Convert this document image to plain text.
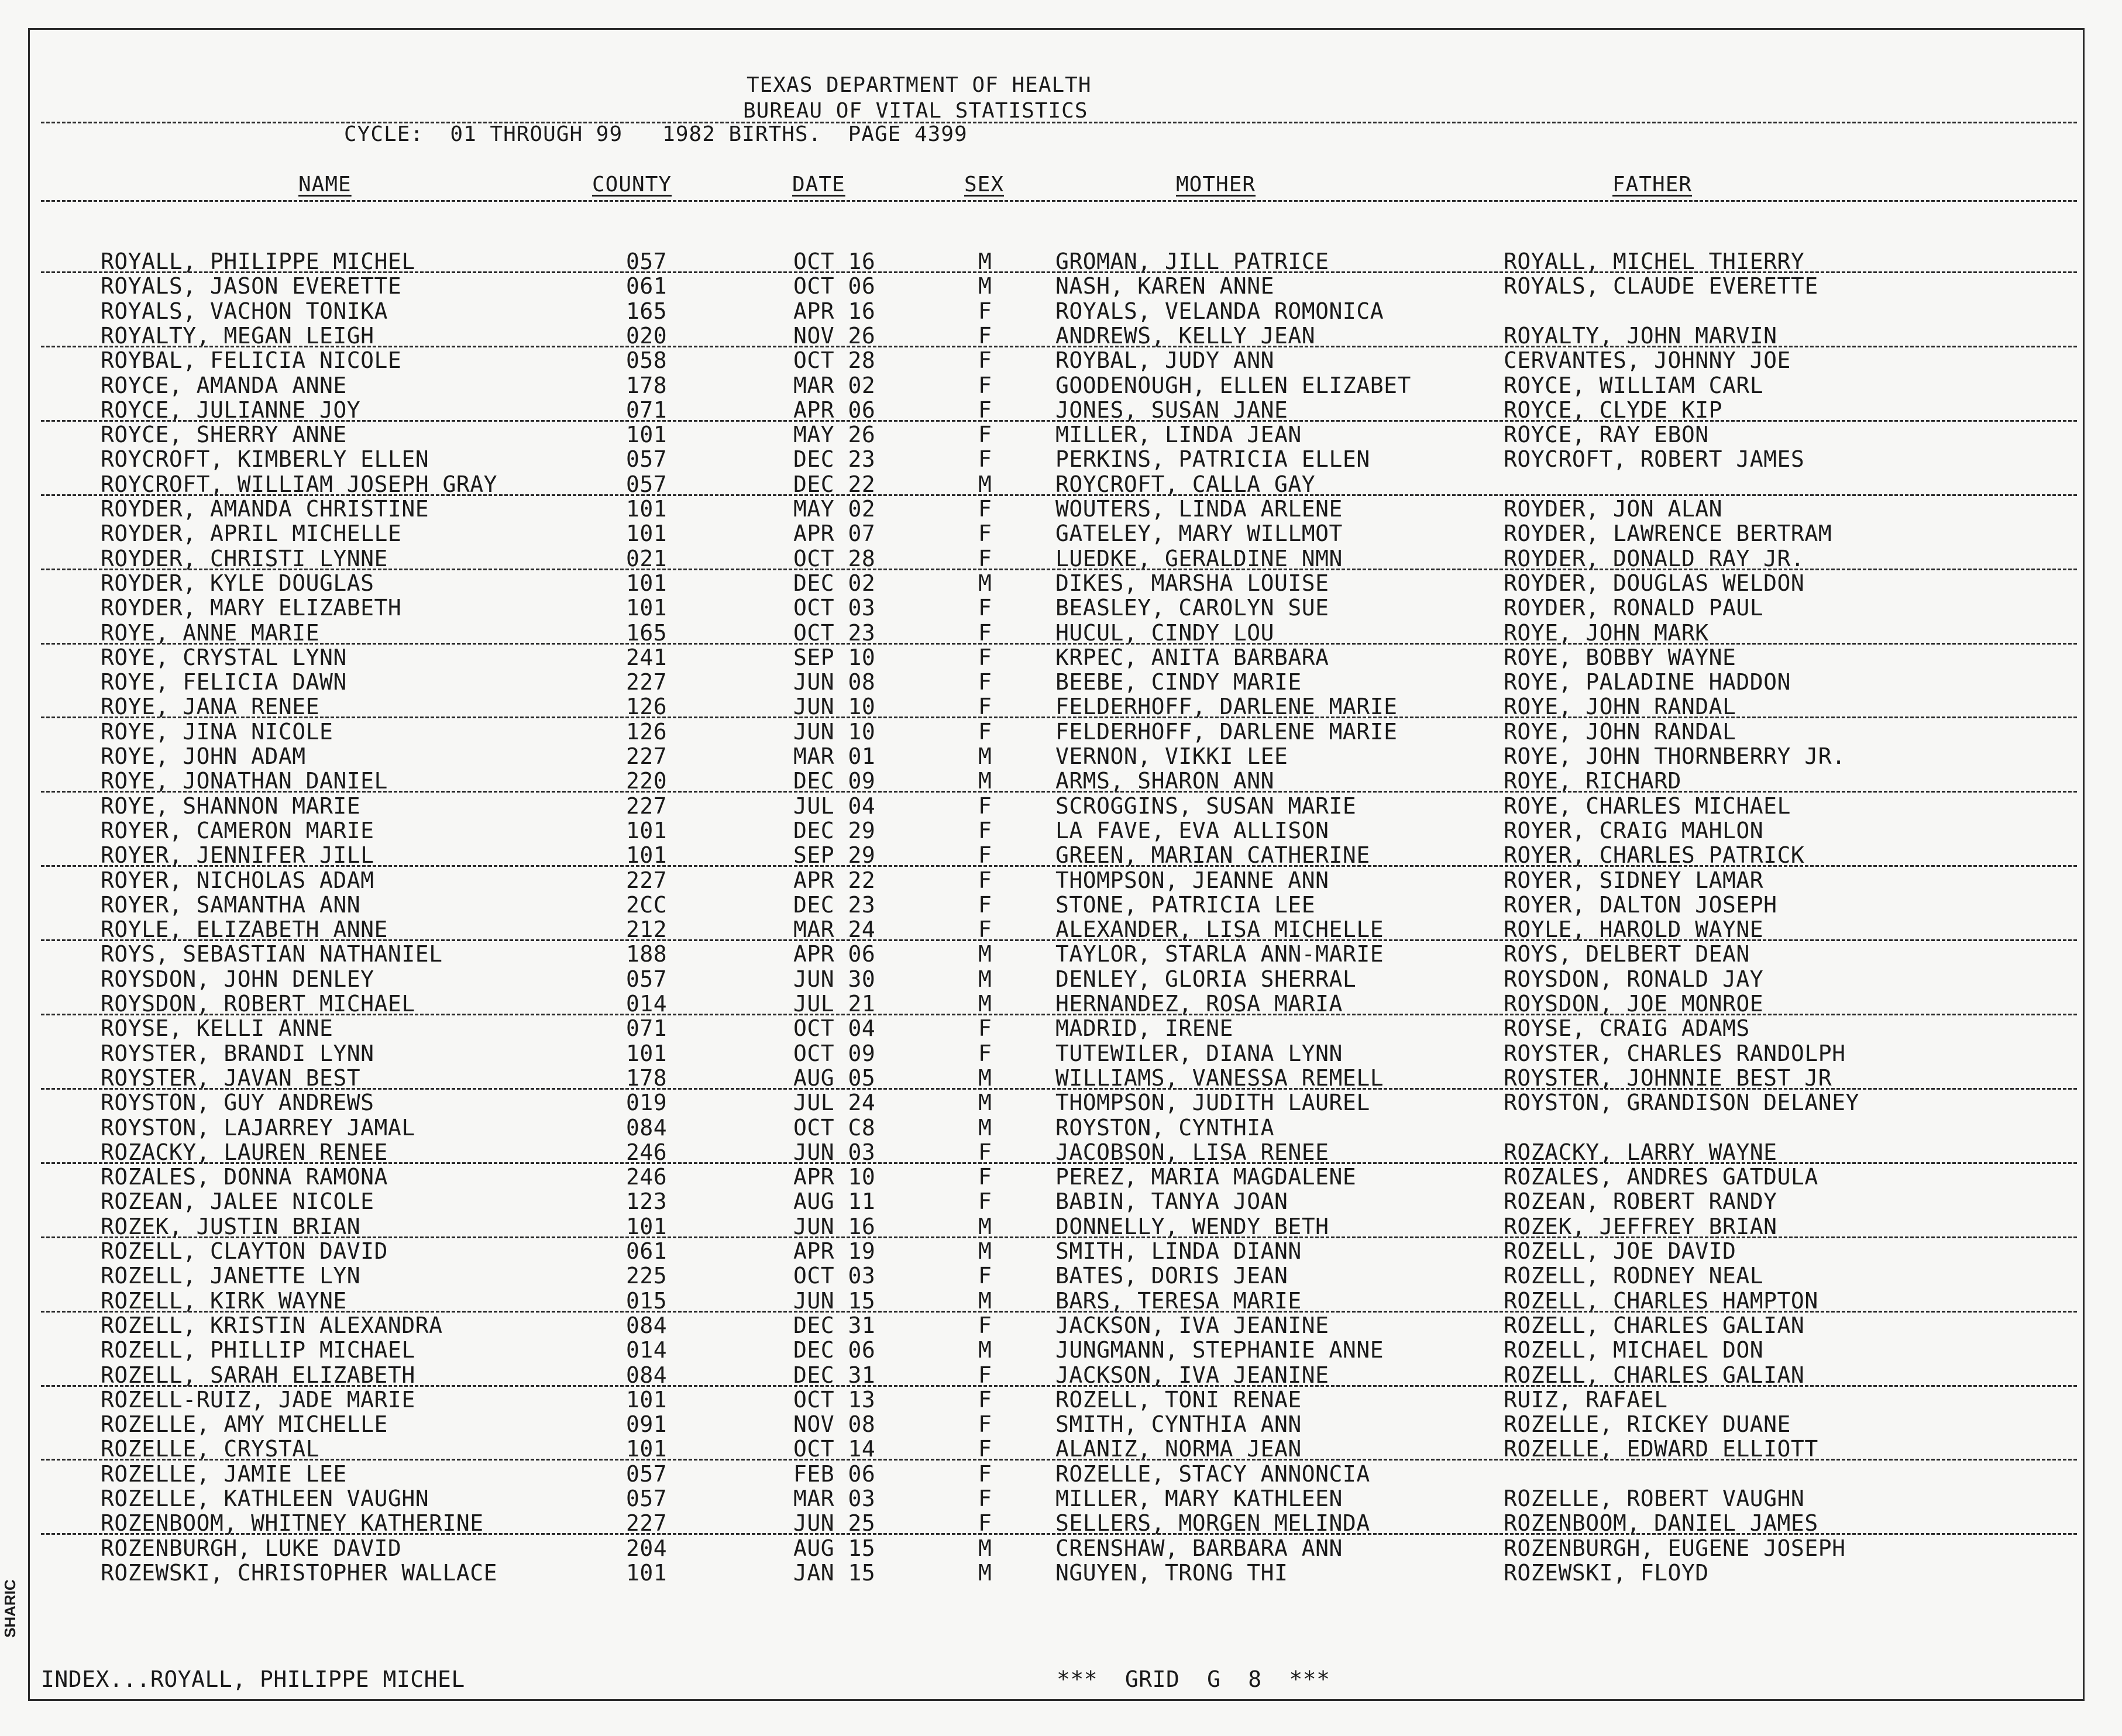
TEXAS DEPARTMENT OF HEALTH
BUREAU OF VITAL STATISTICS
CYCLE:  01 THROUGH 99   1982 BIRTHS.  PAGE 4399
NAME	COUNTY	DATE	SEX	MOTHER	FATHER
ROYALL, PHILIPPE MICHEL	057	OCT 16	M	GROMAN, JILL PATRICE	ROYALL, MICHEL THIERRY
ROYALS, JASON EVERETTE	061	OCT 06	M	NASH, KAREN ANNE	ROYALS, CLAUDE EVERETTE
ROYALS, VACHON TONIKA	165	APR 16	F	ROYALS, VELANDA ROMONICA
ROYALTY, MEGAN LEIGH	020	NOV 26	F	ANDREWS, KELLY JEAN	ROYALTY, JOHN MARVIN
ROYBAL, FELICIA NICOLE	058	OCT 28	F	ROYBAL, JUDY ANN	CERVANTES, JOHNNY JOE
ROYCE, AMANDA ANNE	178	MAR 02	F	GOODENOUGH, ELLEN ELIZABET	ROYCE, WILLIAM CARL
ROYCE, JULIANNE JOY	071	APR 06	F	JONES, SUSAN JANE	ROYCE, CLYDE KIP
ROYCE, SHERRY ANNE	101	MAY 26	F	MILLER, LINDA JEAN	ROYCE, RAY EBON
ROYCROFT, KIMBERLY ELLEN	057	DEC 23	F	PERKINS, PATRICIA ELLEN	ROYCROFT, ROBERT JAMES
ROYCROFT, WILLIAM JOSEPH GRAY	057	DEC 22	M	ROYCROFT, CALLA GAY
ROYDER, AMANDA CHRISTINE	101	MAY 02	F	WOUTERS, LINDA ARLENE	ROYDER, JON ALAN
ROYDER, APRIL MICHELLE	101	APR 07	F	GATELEY, MARY WILLMOT	ROYDER, LAWRENCE BERTRAM
ROYDER, CHRISTI LYNNE	021	OCT 28	F	LUEDKE, GERALDINE NMN	ROYDER, DONALD RAY JR.
ROYDER, KYLE DOUGLAS	101	DEC 02	M	DIKES, MARSHA LOUISE	ROYDER, DOUGLAS WELDON
ROYDER, MARY ELIZABETH	101	OCT 03	F	BEASLEY, CAROLYN SUE	ROYDER, RONALD PAUL
ROYE, ANNE MARIE	165	OCT 23	F	HUCUL, CINDY LOU	ROYE, JOHN MARK
ROYE, CRYSTAL LYNN	241	SEP 10	F	KRPEC, ANITA BARBARA	ROYE, BOBBY WAYNE
ROYE, FELICIA DAWN	227	JUN 08	F	BEEBE, CINDY MARIE	ROYE, PALADINE HADDON
ROYE, JANA RENEE	126	JUN 10	F	FELDERHOFF, DARLENE MARIE	ROYE, JOHN RANDAL
ROYE, JINA NICOLE	126	JUN 10	F	FELDERHOFF, DARLENE MARIE	ROYE, JOHN RANDAL
ROYE, JOHN ADAM	227	MAR 01	M	VERNON, VIKKI LEE	ROYE, JOHN THORNBERRY JR.
ROYE, JONATHAN DANIEL	220	DEC 09	M	ARMS, SHARON ANN	ROYE, RICHARD
ROYE, SHANNON MARIE	227	JUL 04	F	SCROGGINS, SUSAN MARIE	ROYE, CHARLES MICHAEL
ROYER, CAMERON MARIE	101	DEC 29	F	LA FAVE, EVA ALLISON	ROYER, CRAIG MAHLON
ROYER, JENNIFER JILL	101	SEP 29	F	GREEN, MARIAN CATHERINE	ROYER, CHARLES PATRICK
ROYER, NICHOLAS ADAM	227	APR 22	F	THOMPSON, JEANNE ANN	ROYER, SIDNEY LAMAR
ROYER, SAMANTHA ANN	2CC	DEC 23	F	STONE, PATRICIA LEE	ROYER, DALTON JOSEPH
ROYLE, ELIZABETH ANNE	212	MAR 24	F	ALEXANDER, LISA MICHELLE	ROYLE, HAROLD WAYNE
ROYS, SEBASTIAN NATHANIEL	188	APR 06	M	TAYLOR, STARLA ANN-MARIE	ROYS, DELBERT DEAN
ROYSDON, JOHN DENLEY	057	JUN 30	M	DENLEY, GLORIA SHERRAL	ROYSDON, RONALD JAY
ROYSDON, ROBERT MICHAEL	014	JUL 21	M	HERNANDEZ, ROSA MARIA	ROYSDON, JOE MONROE
ROYSE, KELLI ANNE	071	OCT 04	F	MADRID, IRENE	ROYSE, CRAIG ADAMS
ROYSTER, BRANDI LYNN	101	OCT 09	F	TUTEWILER, DIANA LYNN	ROYSTER, CHARLES RANDOLPH
ROYSTER, JAVAN BEST	178	AUG 05	M	WILLIAMS, VANESSA REMELL	ROYSTER, JOHNNIE BEST JR
ROYSTON, GUY ANDREWS	019	JUL 24	M	THOMPSON, JUDITH LAUREL	ROYSTON, GRANDISON DELANEY
ROYSTON, LAJARREY JAMAL	084	OCT C8	M	ROYSTON, CYNTHIA
ROZACKY, LAUREN RENEE	246	JUN 03	F	JACOBSON, LISA RENEE	ROZACKY, LARRY WAYNE
ROZALES, DONNA RAMONA	246	APR 10	F	PEREZ, MARIA MAGDALENE	ROZALES, ANDRES GATDULA
ROZEAN, JALEE NICOLE	123	AUG 11	F	BABIN, TANYA JOAN	ROZEAN, ROBERT RANDY
ROZEK, JUSTIN BRIAN	101	JUN 16	M	DONNELLY, WENDY BETH	ROZEK, JEFFREY BRIAN
ROZELL, CLAYTON DAVID	061	APR 19	M	SMITH, LINDA DIANN	ROZELL, JOE DAVID
ROZELL, JANETTE LYN	225	OCT 03	F	BATES, DORIS JEAN	ROZELL, RODNEY NEAL
ROZELL, KIRK WAYNE	015	JUN 15	M	BARS, TERESA MARIE	ROZELL, CHARLES HAMPTON
ROZELL, KRISTIN ALEXANDRA	084	DEC 31	F	JACKSON, IVA JEANINE	ROZELL, CHARLES GALIAN
ROZELL, PHILLIP MICHAEL	014	DEC 06	M	JUNGMANN, STEPHANIE ANNE	ROZELL, MICHAEL DON
ROZELL, SARAH ELIZABETH	084	DEC 31	F	JACKSON, IVA JEANINE	ROZELL, CHARLES GALIAN
ROZELL-RUIZ, JADE MARIE	101	OCT 13	F	ROZELL, TONI RENAE	RUIZ, RAFAEL
ROZELLE, AMY MICHELLE	091	NOV 08	F	SMITH, CYNTHIA ANN	ROZELLE, RICKEY DUANE
ROZELLE, CRYSTAL	101	OCT 14	F	ALANIZ, NORMA JEAN	ROZELLE, EDWARD ELLIOTT
ROZELLE, JAMIE LEE	057	FEB 06	F	ROZELLE, STACY ANNONCIA
ROZELLE, KATHLEEN VAUGHN	057	MAR 03	F	MILLER, MARY KATHLEEN	ROZELLE, ROBERT VAUGHN
ROZENBOOM, WHITNEY KATHERINE	227	JUN 25	F	SELLERS, MORGEN MELINDA	ROZENBOOM, DANIEL JAMES
ROZENBURGH, LUKE DAVID	204	AUG 15	M	CRENSHAW, BARBARA ANN	ROZENBURGH, EUGENE JOSEPH
ROZEWSKI, CHRISTOPHER WALLACE	101	JAN 15	M	NGUYEN, TRONG THI	ROZEWSKI, FLOYD
INDEX...ROYALL, PHILIPPE MICHEL	***  GRID  G  8  ***
SHARIC
